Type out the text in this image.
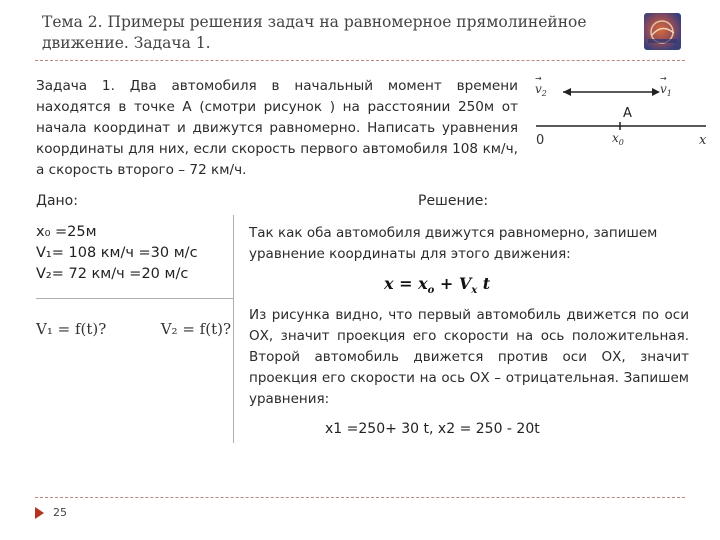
Тема 2. Примеры решения задач на равномерное прямолинейное движение. Задача 1.
Задача 1. Два автомобиля в начальный момент времени находятся в точке А (смотри рисунок ) на расстоянии 250м от начала координат и движутся равномерно. Написать уравнения координаты для них, если скорость первого автомобиля 108 км/ч, а скорость второго – 72 км/ч.
$v_2$
→
$v_1$
→
A
0	$x_0$	x
Дано:	Решение:
x₀ =25м
V₁= 108 км/ч =30 м/с
V₂= 72 км/ч =20 м/с
V₁ = f(t)?	V₂ = f(t)?
Так как оба автомобиля движутся равномерно, запишем уравнение координаты для этого движения:
$x = x_o + V_x$ t
Из рисунка видно, что первый автомобиль движется по оси ОХ, значит проекция его скорости на ось положительная. Второй автомобиль движется против оси ОХ, значит проекция его скорости на ось ОХ – отрицательная. Запишем уравнения:
x1 =250+ 30 t, x2 = 250 - 20t
25
